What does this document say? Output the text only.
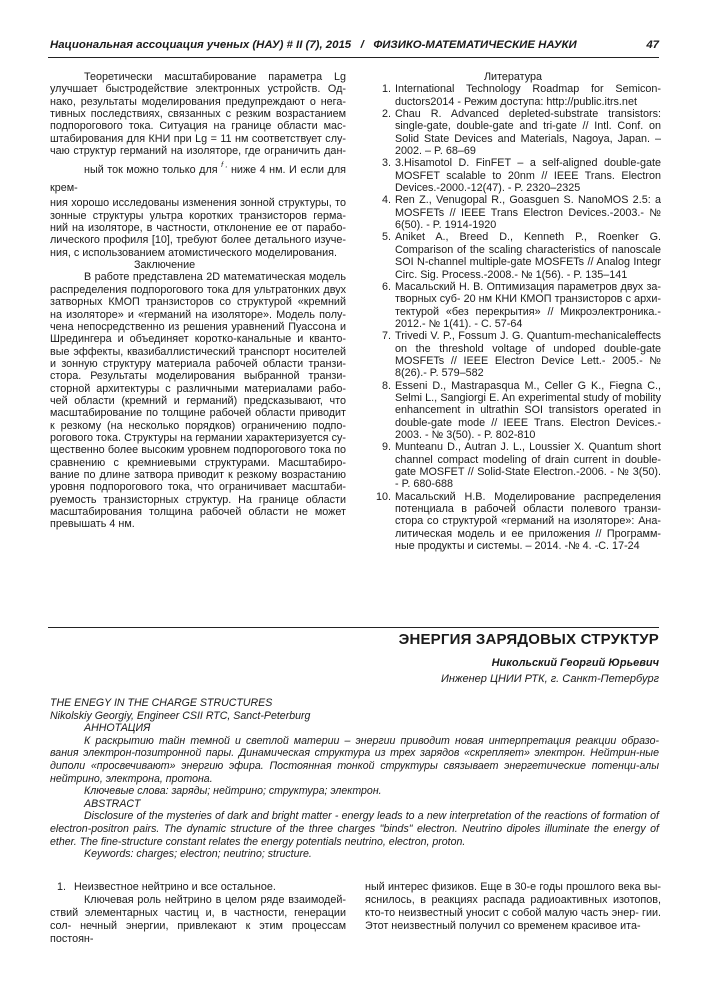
Национальная ассоциация ученых (НАУ) # II (7), 2015 / ФИЗИКО-МАТЕМАТИЧЕСКИЕ НАУКИ	47
Теоретически масштабирование параметра Lg улучшает быстродействие электронных устройств. Од- нако, результаты моделирования предупреждают о нега- тивных последствиях, связанных с резким возрастанием подпорогового тока. Ситуация на границе области мас- штабирования для КНИ при Lg = 11 нм соответствует слу- чаю структур германий на изоляторе, где ограничить дан- ный ток можно только для $^{f ,}$ ниже 4 нм. И если для крем- ния хорошо исследованы изменения зонной структуры, то зонные структуры ультра коротких транзисторов герма- ний на изоляторе, в частности, отклонение ее от парабо- лического профиля [10], требуют более детального изуче- ния, с использованием атомистического моделирования.

Заключение

В работе представлена 2D математическая модель распределения подпорогового тока для ультратонких двух затворных КМОП транзисторов со структурой «кремний на изоляторе» и «германий на изоляторе». Модель полу- чена непосредственно из решения уравнений Пуассона и Шредингера и объединяет коротко-канальные и кванто- вые эффекты, квазибаллистический транспорт носителей и зонную структуру материала рабочей области транзи- стора. Результаты моделирования выбранной транзи- сторной архитектуры с различными материалами рабо- чей области (кремний и германий) предсказывают, что масштабирование по толщине рабочей области приводит к резкому (на несколько порядков) ограничению подпо- рогового тока. Структуры на германии характеризуется су- щественно более высоким уровнем подпорогового тока по сравнению с кремниевыми структурами. Масштабиро- вание по длине затвора приводит к резкому возрастанию уровня подпорогового тока, что ограничивает масштаби- руемость транзисторных структур. На границе области масштабирования толщина рабочей области не может превышать 4 нм.

Литература

1. International Technology Roadmap for Semicon- ductors2014 - Режим доступа: http://public.itrs.net
2. Chau R. Advanced depleted-substrate transistors: single-gate, double-gate and tri-gate // Intl. Conf. on Solid State Devices and Materials, Nagoya, Japan. – 2002. – P. 68–69
3. 3.Hisamotol D. FinFET – a self-aligned double-gate MOSFET scalable to 20nm // IEEE Trans. Electron Devices.-2000.-12(47). - P. 2320–2325
4. Ren Z., Venugopal R., Goasguen S. NanoMOS 2.5: a MOSFETs // IEEE Trans Electron Devices.-2003.- № 6(50). - P. 1914-1920
5. Aniket A., Breed D., Kenneth P., Roenker G. Comparison of the scaling characteristics of nanoscale SOI N-channel multiple-gate MOSFETs // Analog Integr Circ. Sig. Process.-2008.- № 1(56). - P. 135–141
6. Масальский Н. В. Оптимизация параметров двух за- творных суб- 20 нм КНИ КМОП транзисторов с архи- тектурой «без перекрытия» // Микроэлектроника.- 2012.- № 1(41). - С. 57-64
7. Trivedi V. P., Fossum J. G. Quantum-mechanicaleffects on the threshold voltage of undoped double-gate MOSFETs // IEEE Electron Device Lett.- 2005.- № 8(26).- P. 579–582
8. Esseni D., Mastrapasqua M., Celler G K., Fiegna C., Selmi L., Sangiorgi E. An experimental study of mobility enhancement in ultrathin SOI transistors operated in double-gate mode // IEEE Trans. Electron Devices.- 2003. - № 3(50). - P. 802-810
9. Munteanu D., Autran J. L., Loussier X. Quantum short channel compact modeling of drain current in double- gate MOSFET // Solid-State Electron.-2006. - № 3(50). - P. 680-688
10. Масальский Н.В. Моделирование распределения потенциала в рабочей области полевого транзи- стора со структурой «германий на изоляторе»: Ана- литическая модель и ее приложения // Программ- ные продукты и системы. – 2014. -№ 4. -С. 17-24
ЭНЕРГИЯ ЗАРЯДОВЫХ СТРУКТУР
Никольский Георгий Юрьевич
Инженер ЦНИИ РТК, г. Санкт-Петербург

THE ENEGY IN THE CHARGE STRUCTURES

Nikolskiy Georgiy, Engineer CSII RTC, Sanct-Peterburg

АННОТАЦИЯ

К раскрытию тайн темной и светлой материи – энергии приводит новая интерпретация реакции образо-вания электрон-позитронной пары. Динамическая структура из трех зарядов «скрепляет» электрон. Нейтрин-ные диполи «просвечивают» энергию эфира. Постоянная тонкой структуры связывает энергетические потенци-алы нейтрино, электрона, протона.

Ключевые слова: заряды; нейтрино; структура; электрон.

ABSTRACT

Disclosure of the mysteries of dark and bright matter - energy leads to a new interpretation of the reactions of formation of electron-positron pairs. The dynamic structure of the three charges "binds" electron. Neutrino dipoles illuminate the energy of ether. The fine-structure constant relates the energy potentials neutrino, electron, proton.

Keywords: charges; electron; neutrino; structure.

1. Неизвестное нейтрино и все остальное.
Ключевая роль нейтрино в целом ряде взаимодей- ствий элементарных частиц и, в частности, генерации сол- нечный энергии, привлекают к этим процессам постоян-
ный интерес физиков. Еще в 30-е годы прошлого века вы- яснилось, в реакциях распада радиоактивных изотопов, кто-то неизвестный уносит с собой малую часть энер- гии. Этот неизвестный получил со временем красивое ита-
